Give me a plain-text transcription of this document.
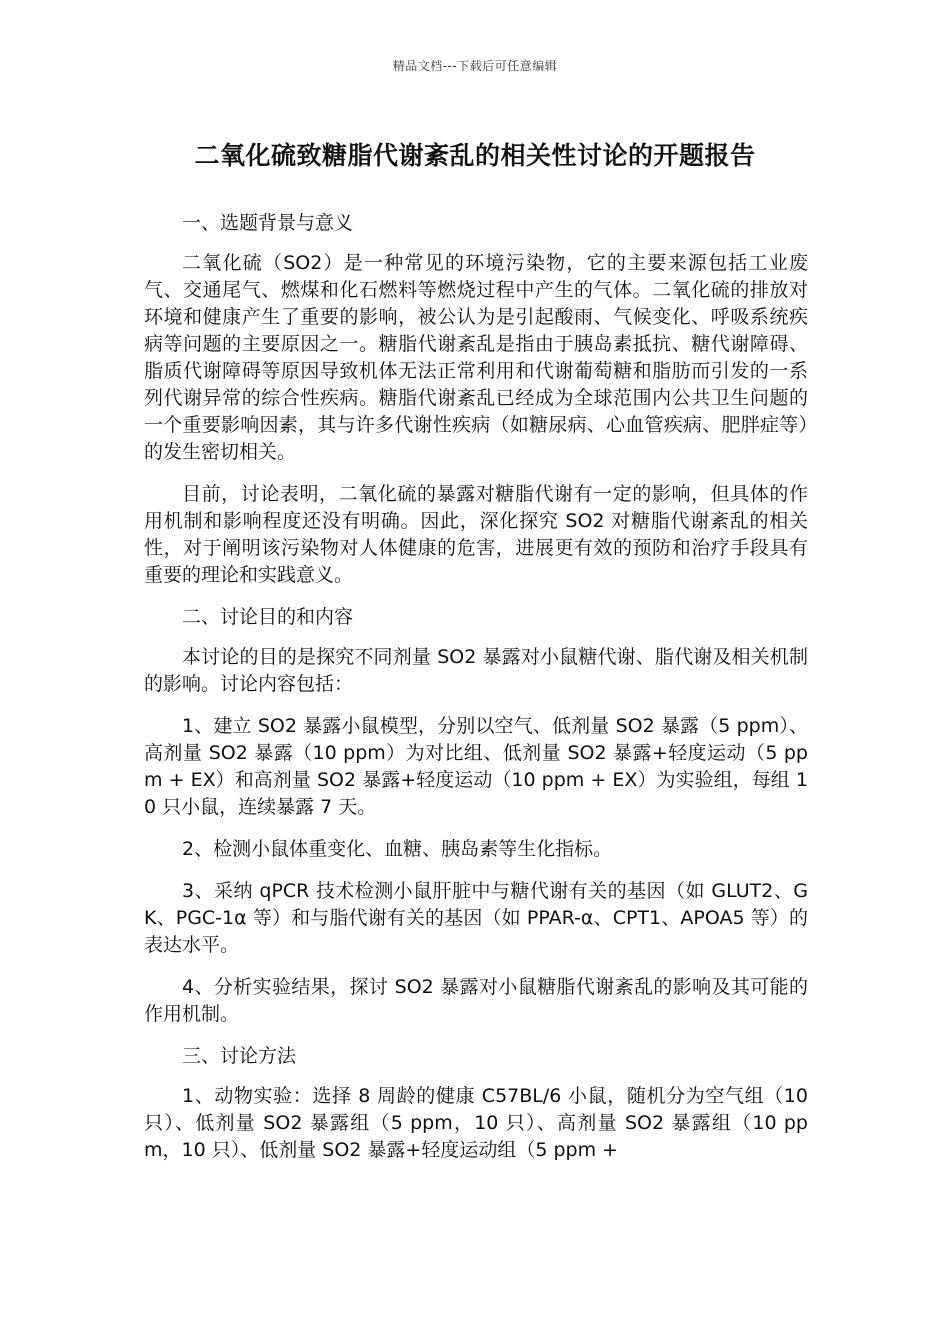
精品文档---下载后可任意编辑
二氧化硫致糖脂代谢紊乱的相关性讨论的开题报告

一、选题背景与意义

二氧化硫（SO2）是一种常见的环境污染物，它的主要来源包括工业废气、交通尾气、燃煤和化石燃料等燃烧过程中产生的气体。二氧化硫的排放对环境和健康产生了重要的影响，被公认为是引起酸雨、气候变化、呼吸系统疾病等问题的主要原因之一。糖脂代谢紊乱是指由于胰岛素抵抗、糖代谢障碍、脂质代谢障碍等原因导致机体无法正常利用和代谢葡萄糖和脂肪而引发的一系列代谢异常的综合性疾病。糖脂代谢紊乱已经成为全球范围内公共卫生问题的一个重要影响因素，其与许多代谢性疾病（如糖尿病、心血管疾病、肥胖症等）的发生密切相关。

目前，讨论表明，二氧化硫的暴露对糖脂代谢有一定的影响，但具体的作用机制和影响程度还没有明确。因此，深化探究 SO2 对糖脂代谢紊乱的相关性，对于阐明该污染物对人体健康的危害，进展更有效的预防和治疗手段具有重要的理论和实践意义。

二、讨论目的和内容

本讨论的目的是探究不同剂量 SO2 暴露对小鼠糖代谢、脂代谢及相关机制的影响。讨论内容包括：

1、建立 SO2 暴露小鼠模型，分别以空气、低剂量 SO2 暴露（5 ppm）、高剂量 SO2 暴露（10 ppm）为对比组、低剂量 SO2 暴露+轻度运动（5 ppm + EX）和高剂量 SO2 暴露+轻度运动（10 ppm + EX）为实验组，每组 10 只小鼠，连续暴露 7 天。

2、检测小鼠体重变化、血糖、胰岛素等生化指标。

3、采纳 qPCR 技术检测小鼠肝脏中与糖代谢有关的基因（如 GLUT2、GK、PGC-1α 等）和与脂代谢有关的基因（如 PPAR-α、CPT1、APOA5 等）的表达水平。

4、分析实验结果，探讨 SO2 暴露对小鼠糖脂代谢紊乱的影响及其可能的作用机制。

三、讨论方法

1、动物实验：选择 8 周龄的健康 C57BL/6 小鼠，随机分为空气组（10 只）、低剂量 SO2 暴露组（5 ppm，10 只）、高剂量 SO2 暴露组（10 ppm，10 只）、低剂量 SO2 暴露+轻度运动组（5 ppm +
